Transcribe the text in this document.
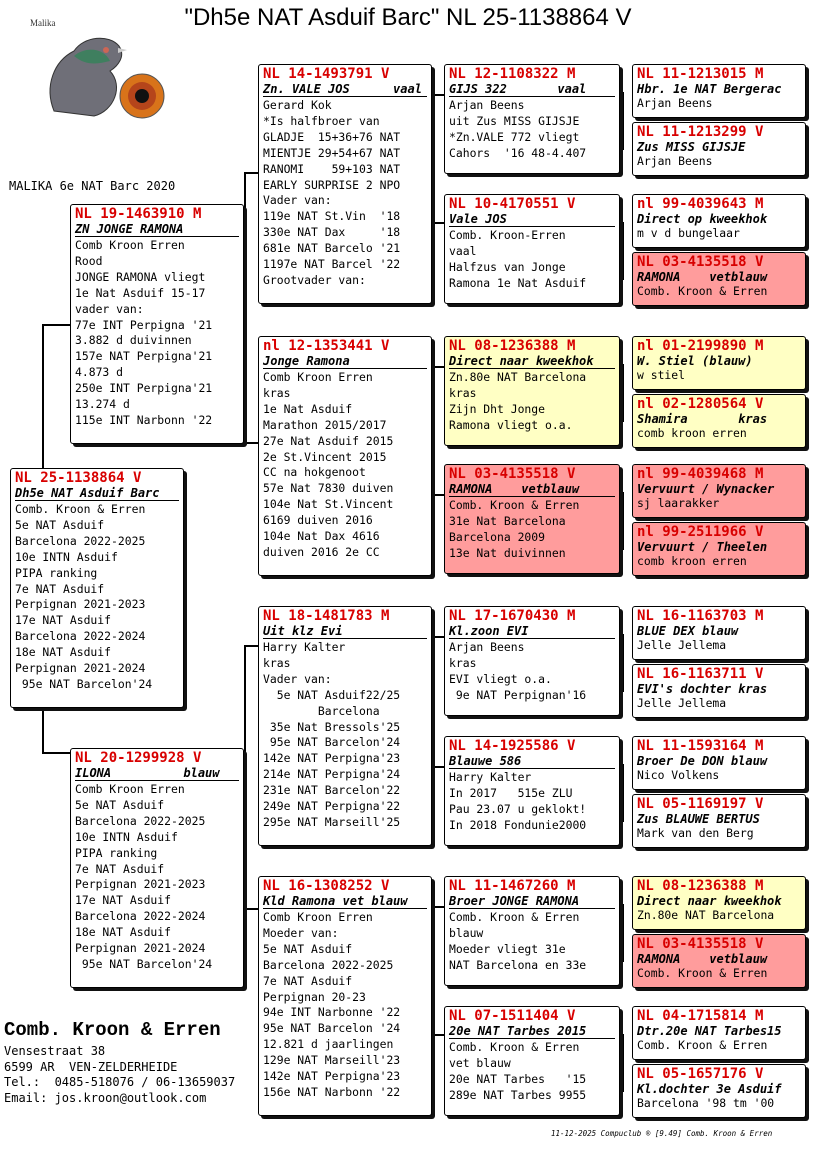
"Dh5e NAT Asduif Barc" NL 25-1138864 V
Malika
MALIKA 6e NAT Barc 2020
NL 25-1138864 V
Dh5e NAT Asduif Barc
Comb. Kroon & Erren
5e NAT Asduif
Barcelona 2022-2025
10e INTN Asduif
PIPA ranking
7e NAT Asduif
Perpignan 2021-2023
17e NAT Asduif
Barcelona 2022-2024
18e NAT Asduif
Perpignan 2021-2024
95e NAT Barcelon'24
NL 19-1463910 M
ZN JONGE RAMONA
Comb Kroon Erren
Rood
JONGE RAMONA vliegt
1e Nat Asduif 15-17
vader van:
77e INT Perpigna '21
3.882 d duivinnen
157e NAT Perpigna'21
4.873 d
250e INT Perpigna'21
13.274 d
115e INT Narbonn '22
NL 20-1299928 V
ILONA          blauw
Comb Kroon Erren
5e NAT Asduif
Barcelona 2022-2025
10e INTN Asduif
PIPA ranking
7e NAT Asduif
Perpignan 2021-2023
17e NAT Asduif
Barcelona 2022-2024
18e NAT Asduif
Perpignan 2021-2024
95e NAT Barcelon'24
NL 14-1493791 V
Zn. VALE JOS      vaal
Gerard Kok
*Is halfbroer van
GLADJE  15+36+76 NAT
MIENTJE 29+54+67 NAT
RANOMI    59+103 NAT
EARLY SURPRISE 2 NPO
Vader van:
119e NAT St.Vin  '18
330e NAT Dax     '18
681e NAT Barcelo '21
1197e NAT Barcel '22
Grootvader van:
nl 12-1353441 V
Jonge Ramona
Comb Kroon Erren
kras
1e Nat Asduif
Marathon 2015/2017
27e Nat Asduif 2015
2e St.Vincent 2015
CC na hokgenoot
57e Nat 7830 duiven
104e Nat St.Vincent
6169 duiven 2016
104e Nat Dax 4616
duiven 2016 2e CC
NL 18-1481783 M
Uit klz Evi
Harry Kalter
kras
Vader van:
5e NAT Asduif22/25
Barcelona
35e Nat Bressols'25
95e NAT Barcelon'24
142e NAT Perpigna'23
214e NAT Perpigna'24
231e NAT Barcelon'22
249e NAT Perpigna'22
295e NAT Marseill'25
NL 16-1308252 V
Kld Ramona vet blauw
Comb Kroon Erren
Moeder van:
5e NAT Asduif
Barcelona 2022-2025
7e NAT Asduif
Perpignan 20-23
94e INT Narbonne '22
95e NAT Barcelon '24
12.821 d jaarlingen
129e NAT Marseill'23
142e NAT Perpigna'23
156e NAT Narbonn '22
NL 12-1108322 M
GIJS 322       vaal
Arjan Beens
uit Zus MISS GIJSJE
*Zn.VALE 772 vliegt
Cahors  '16 48-4.407
NL 10-4170551 V
Vale JOS
Comb. Kroon-Erren
vaal
Halfzus van Jonge
Ramona 1e Nat Asduif
NL 08-1236388 M
Direct naar kweekhok
Zn.80e NAT Barcelona
kras
Zijn Dht Jonge
Ramona vliegt o.a.
NL 03-4135518 V
RAMONA    vetblauw
Comb. Kroon & Erren
31e Nat Barcelona
Barcelona 2009
13e Nat duivinnen
NL 17-1670430 M
Kl.zoon EVI
Arjan Beens
kras
EVI vliegt o.a.
9e NAT Perpignan'16
NL 14-1925586 V
Blauwe 586
Harry Kalter
In 2017   515e ZLU
Pau 23.07 u geklokt!
In 2018 Fondunie2000
NL 11-1467260 M
Broer JONGE RAMONA
Comb. Kroon & Erren
blauw
Moeder vliegt 31e
NAT Barcelona en 33e
NL 07-1511404 V
20e NAT Tarbes 2015
Comb. Kroon & Erren
vet blauw
20e NAT Tarbes   '15
289e NAT Tarbes 9955
NL 11-1213015 M
Hbr. 1e NAT Bergerac
Arjan Beens
NL 11-1213299 V
Zus MISS GIJSJE
Arjan Beens
nl 99-4039643 M
Direct op kweekhok
m v d bungelaar
NL 03-4135518 V
RAMONA    vetblauw
Comb. Kroon & Erren
nl 01-2199890 M
W. Stiel (blauw)
w stiel
nl 02-1280564 V
Shamira       kras
comb kroon erren
nl 99-4039468 M
Vervuurt / Wynacker
sj laarakker
nl 99-2511966 V
Vervuurt / Theelen
comb kroon erren
NL 16-1163703 M
BLUE DEX blauw
Jelle Jellema
NL 16-1163711 V
EVI's dochter kras
Jelle Jellema
NL 11-1593164 M
Broer De DON blauw
Nico Volkens
NL 05-1169197 V
Zus BLAUWE BERTUS
Mark van den Berg
NL 08-1236388 M
Direct naar kweekhok
Zn.80e NAT Barcelona
NL 03-4135518 V
RAMONA    vetblauw
Comb. Kroon & Erren
NL 04-1715814 M
Dtr.20e NAT Tarbes15
Comb. Kroon & Erren
NL 05-1657176 V
Kl.dochter 3e Asduif
Barcelona '98 tm '00
Comb. Kroon & Erren
Vensestraat 38
6599 AR  VEN-ZELDERHEIDE
Tel.:  0485-518076 / 06-13659037
Email: jos.kroon@outlook.com
11-12-2025 Compuclub ® [9.49] Comb. Kroon & Erren
